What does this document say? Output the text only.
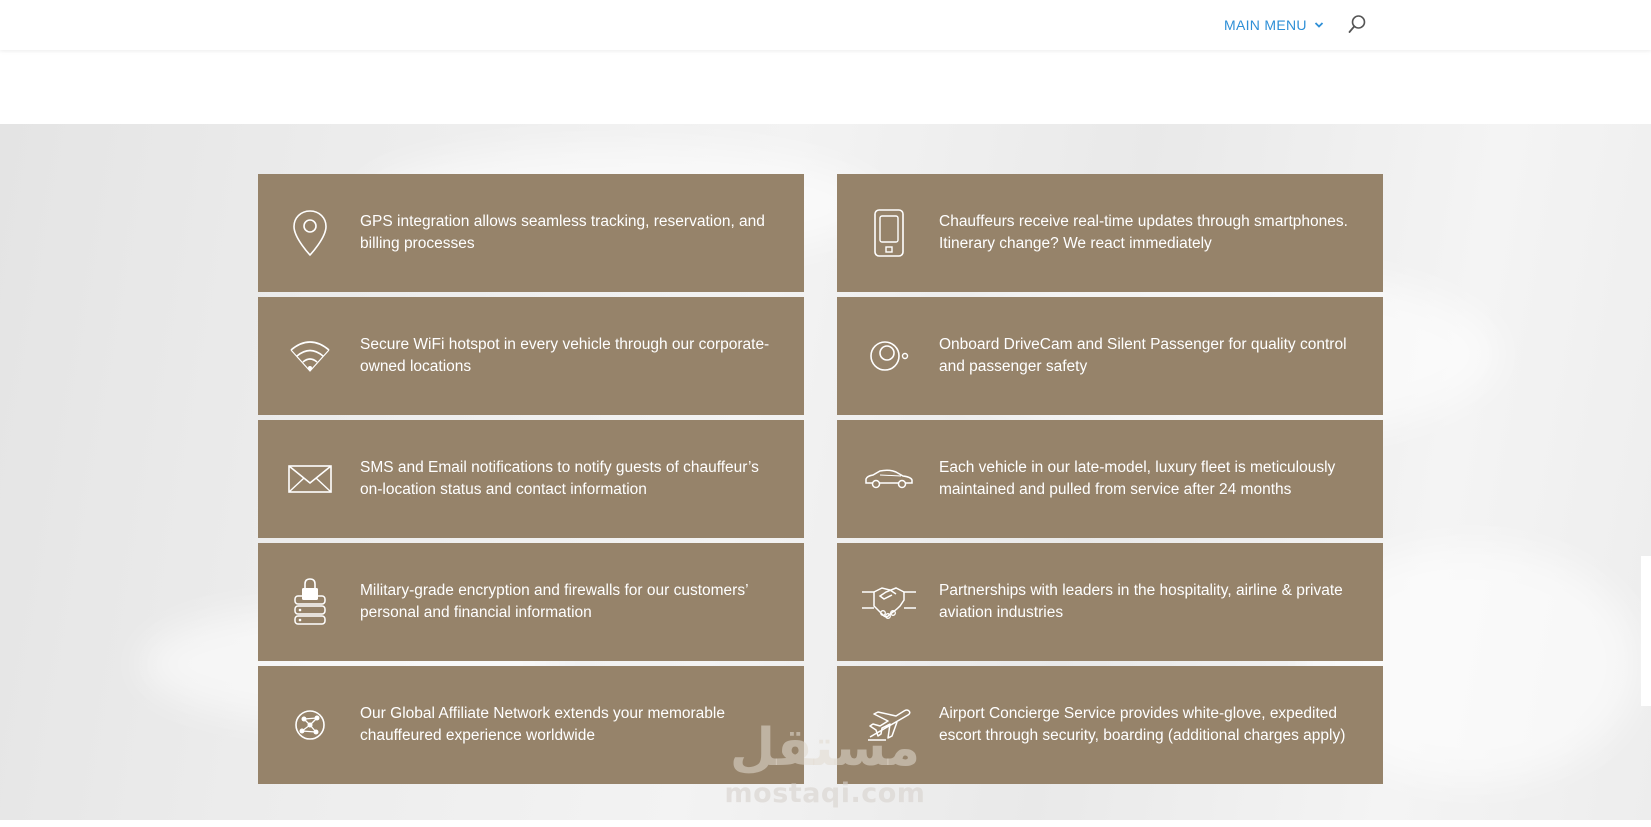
MAIN MENU
GPS integration allows seamless tracking, reservation, and billing processes
Chauffeurs receive real-time updates through smartphones. Itinerary change? We react immediately
Secure WiFi hotspot in every vehicle through our corporate-owned locations
Onboard DriveCam and Silent Passenger for quality control and passenger safety
SMS and Email notifications to notify guests of chauffeur’s on-location status and contact information
Each vehicle in our late-model, luxury fleet is meticulously maintained and pulled from service after 24 months
Military-grade encryption and firewalls for our customers’ personal and financial information
Partnerships with leaders in the hospitality, airline & private aviation industries
Our Global Affiliate Network extends your memorable chauffeured experience worldwide
Airport Concierge Service provides white-glove, expedited escort through security, boarding (additional charges apply)
مستقل
mostaqi.com
